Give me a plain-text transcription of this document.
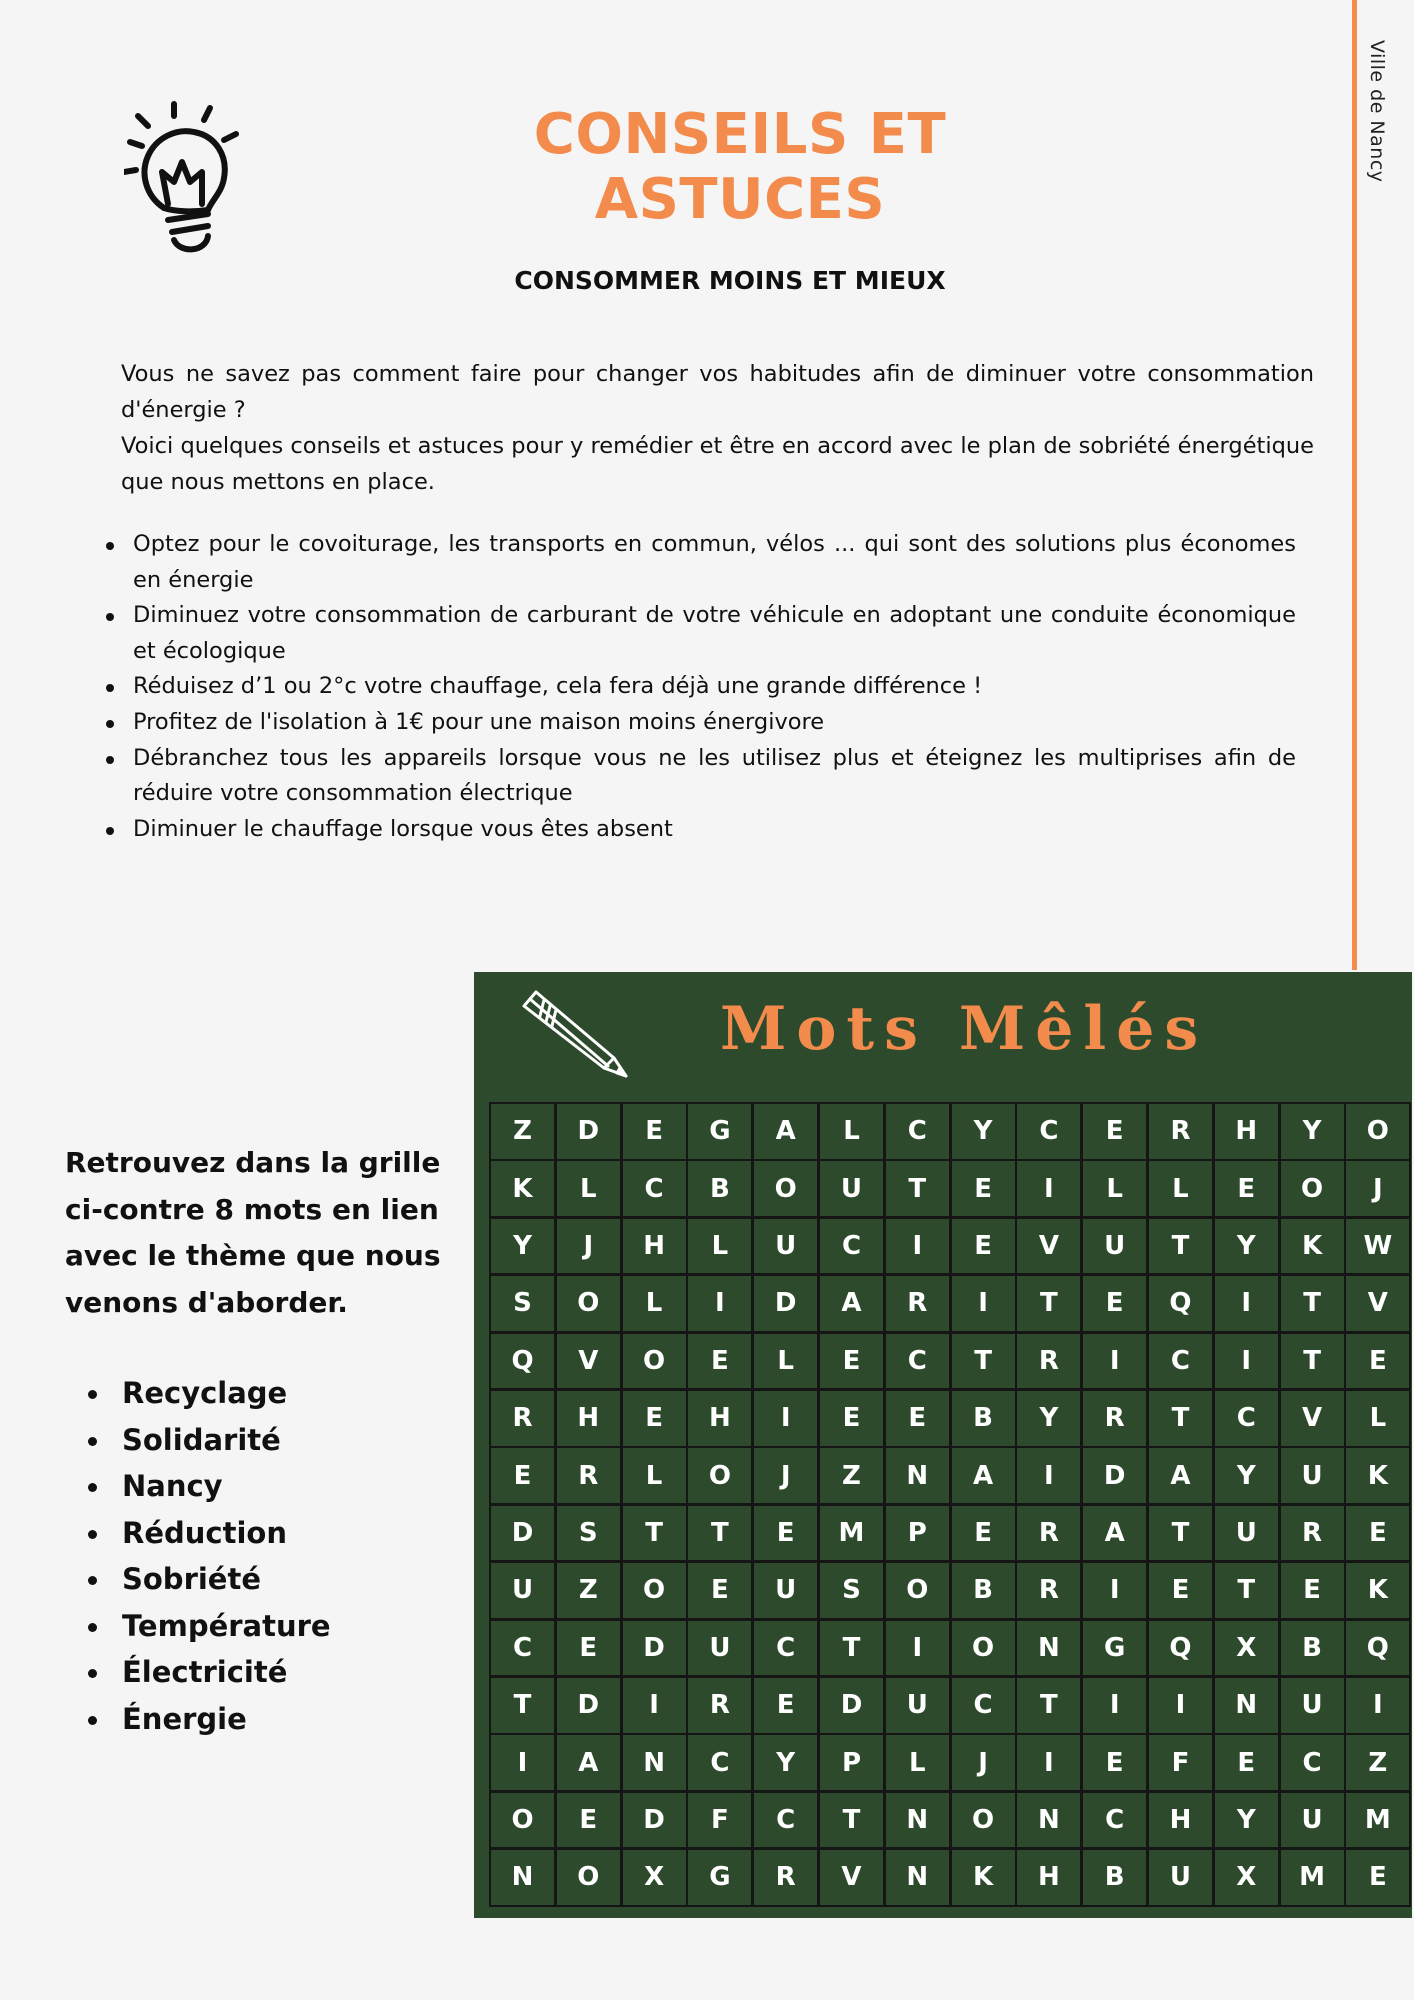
Ville de Nancy
CONSEILS ET ASTUCES
CONSOMMER MOINS ET MIEUX

Vous ne savez pas comment faire pour changer vos habitudes afin de diminuer votre consommation d'énergie ?

Voici quelques conseils et astuces pour y remédier et être en accord avec le plan de sobriété énergétique que nous mettons en place.

Optez pour le covoiturage, les transports en commun, vélos ... qui sont des solutions plus économes en énergie
Diminuez votre consommation de carburant de votre véhicule en adoptant une conduite économique et écologique
Réduisez d’1 ou 2°c votre chauffage, cela fera déjà une grande différence !
Profitez de l'isolation à 1€ pour une maison moins énergivore
Débranchez tous les appareils lorsque vous ne les utilisez plus et éteignez les multiprises afin de réduire votre consommation électrique
Diminuer le chauffage lorsque vous êtes absent
Mots Mêlés
Z	D	E	G	A	L	C	Y	C	E	R	H	Y	O
K	L	C	B	O	U	T	E	I	L	L	E	O	J
Y	J	H	L	U	C	I	E	V	U	T	Y	K	W
S	O	L	I	D	A	R	I	T	E	Q	I	T	V
Q	V	O	E	L	E	C	T	R	I	C	I	T	E
R	H	E	H	I	E	E	B	Y	R	T	C	V	L
E	R	L	O	J	Z	N	A	I	D	A	Y	U	K
D	S	T	T	E	M	P	E	R	A	T	U	R	E
U	Z	O	E	U	S	O	B	R	I	E	T	E	K
C	E	D	U	C	T	I	O	N	G	Q	X	B	Q
T	D	I	R	E	D	U	C	T	I	I	N	U	I
I	A	N	C	Y	P	L	J	I	E	F	E	C	Z
O	E	D	F	C	T	N	O	N	C	H	Y	U	M
N	O	X	G	R	V	N	K	H	B	U	X	M	E
Retrouvez dans la grille ci-contre 8 mots en lien avec le thème que nous venons d'aborder.
Recyclage
Solidarité
Nancy
Réduction
Sobriété
Température
Électricité
Énergie
